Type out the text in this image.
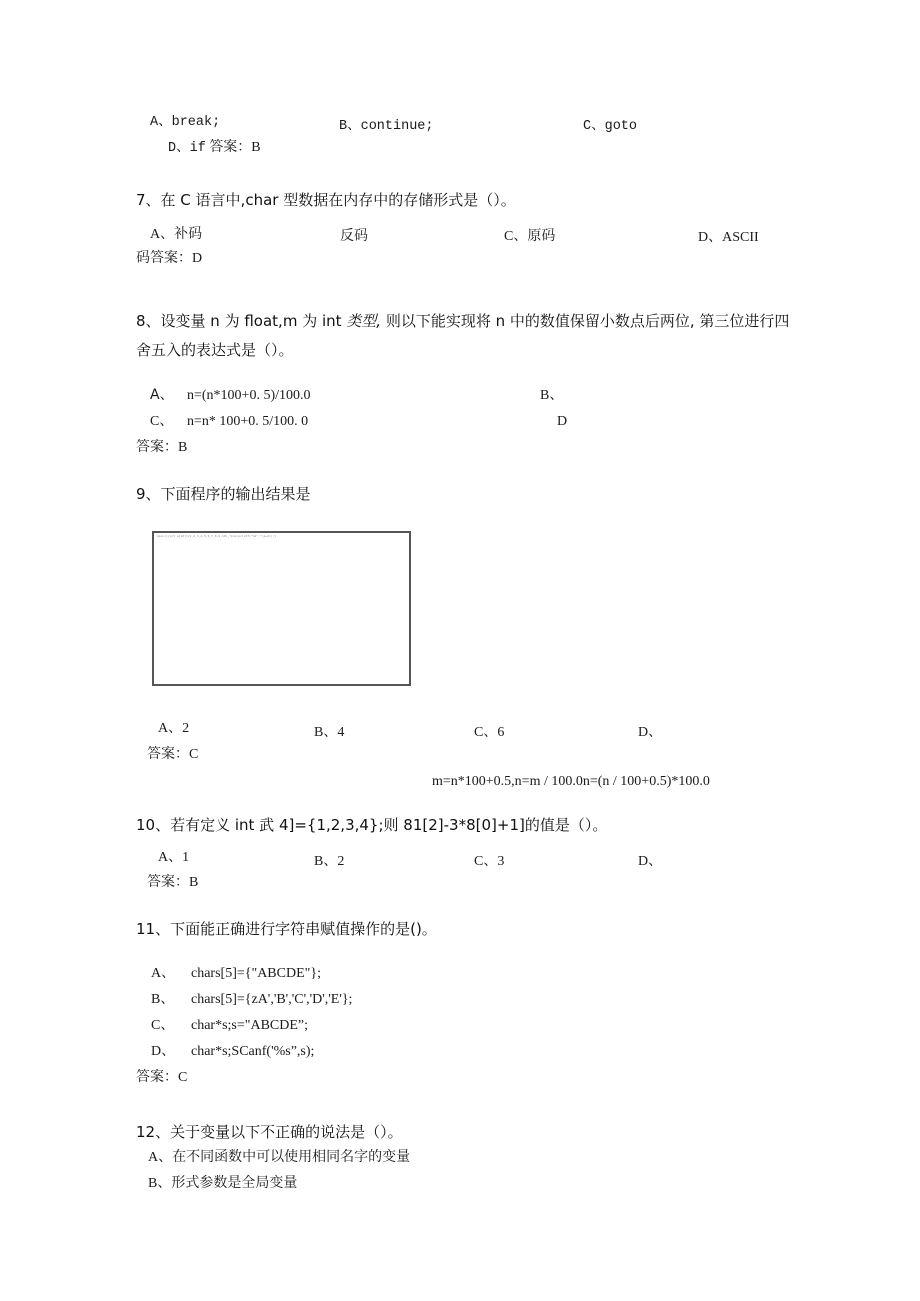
A、break;	B、continue;	C、goto
D、if 答案：B
7、在 C 语言中,char 型数据在内存中的存储形式是（）。
A、补码	反码	C、原码	D、ASCII
码答案：D
8、设变量 n 为 float,m 为 int 类型, 则以下能实现将 n 中的数值保留小数点后两位, 第三位进行四
舍五入的表达式是（）。
A、 n=(n*100+0. 5)/100.0	B、
C、 n=n* 100+0. 5/100. 0	D
答案：B
9、下面程序的输出结果是
main(){int a[10]={1,2,3,4,5,6,7,8,9,10},*p=a;printf("%d",*(p+2));}
A、2	B、4	C、6	D、
答案：C
m=n*100+0.5,n=m / 100.0n=(n / 100+0.5)*100.0
10、若有定义 int 武 4]={1,2,3,4};则 81[2]-3*8[0]+1]的值是（）。
A、1	B、2	C、3	D、
答案：B
11、下面能正确进行字符串赋值操作的是()。
A、 chars[5]={"ABCDE"};
B、 chars[5]={zA','B','C','D','E'};
C、 char*s;s="ABCDE”;
D、 char*s;SCanf('%s”,s);
答案：C
12、关于变量以下不正确的说法是（）。
A、在不同函数中可以使用相同名字的变量
B、形式参数是全局变量
